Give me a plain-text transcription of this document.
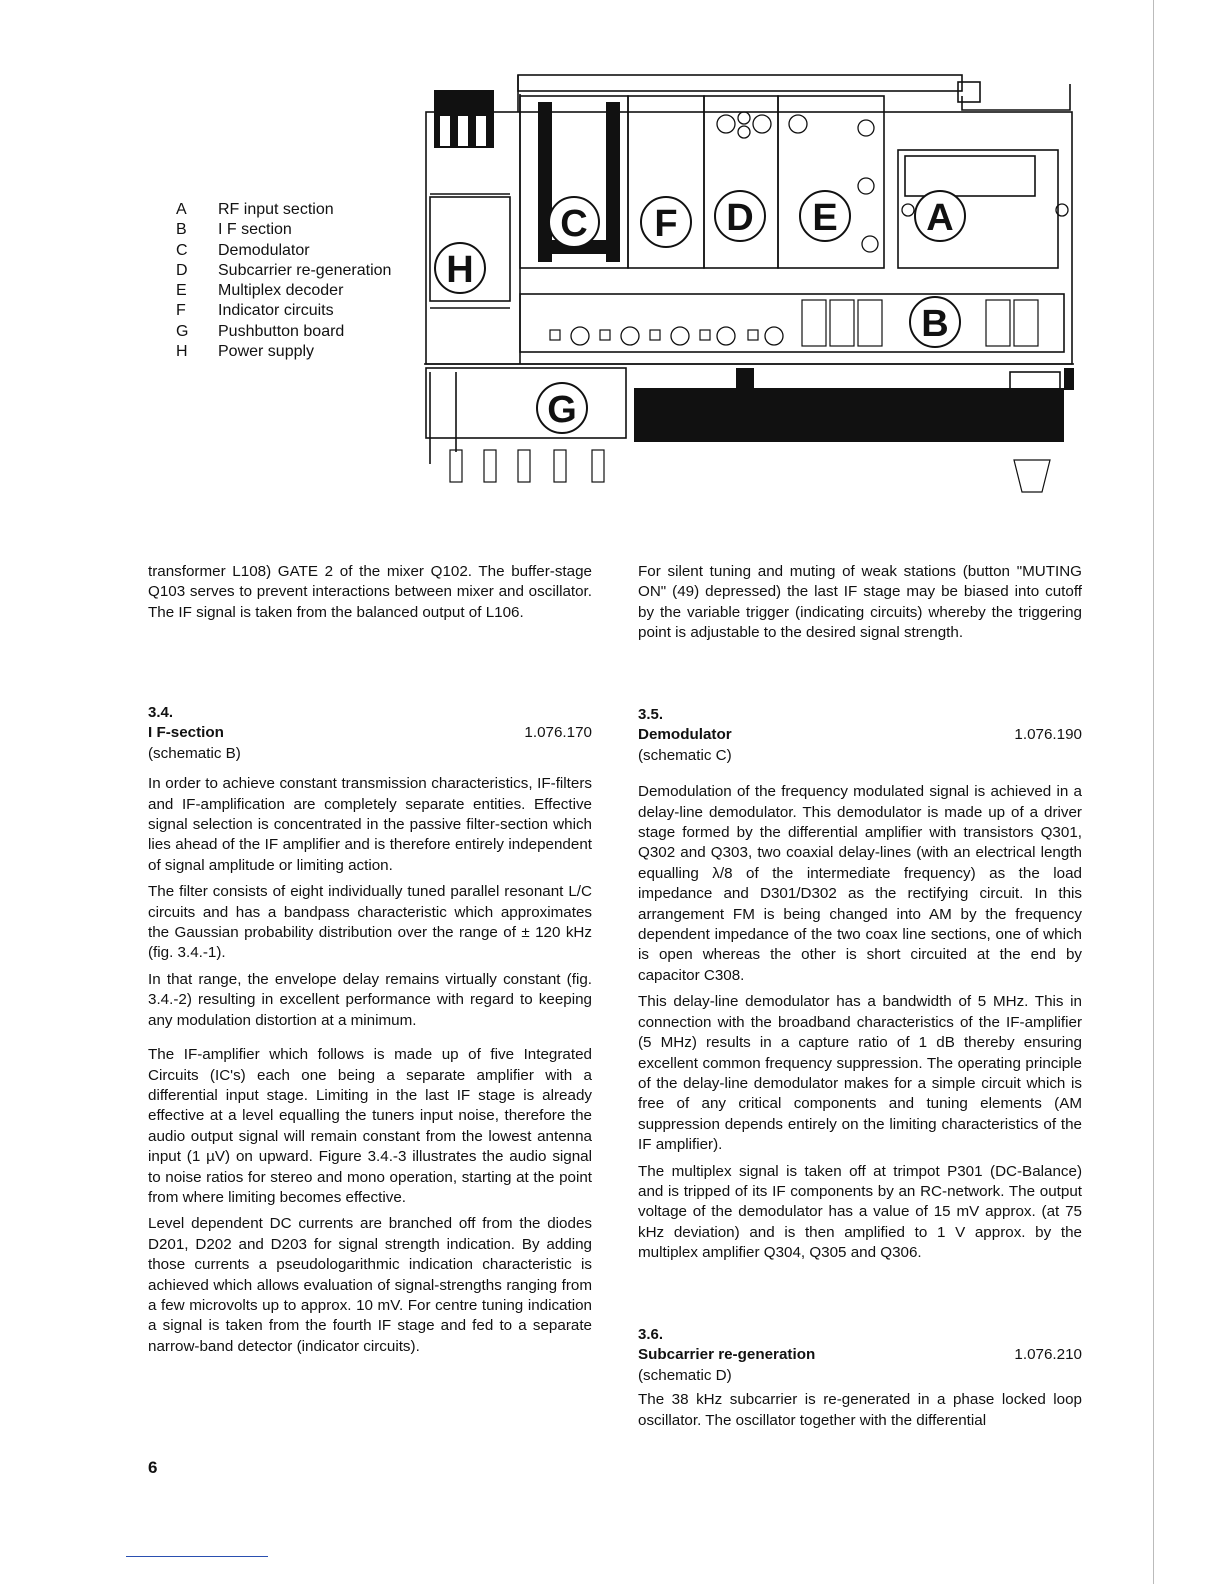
A	RF input section
B	I F section
C	Demodulator
D	Subcarrier re-generation
E	Multiplex decoder
F	Indicator circuits
G	Pushbutton board
H	Power supply
C F D E A
H
B
G

transformer L108) GATE 2 of the mixer Q102. The buffer-stage Q103 serves to prevent interactions between mixer and oscillator. The IF signal is taken from the balanced output of L106.

3.4.
I F-section	1.076.170
(schematic B)

In order to achieve constant transmission characteristics, IF-filters and IF-amplification are completely separate entities. Effective signal selection is concentrated in the passive filter-section which lies ahead of the IF amplifier and is therefore entirely independent of signal amplitude or limiting action.

The filter consists of eight individually tuned parallel resonant L/C circuits and has a bandpass characteristic which approximates the Gaussian probability distribution over the range of ± 120 kHz (fig. 3.4.-1).

In that range, the envelope delay remains virtually constant (fig. 3.4.-2) resulting in excellent performance with regard to keeping any modulation distortion at a minimum.

The IF-amplifier which follows is made up of five Integrated Circuits (IC's) each one being a separate amplifier with a differential input stage. Limiting in the last IF stage is already effective at a level equalling the tuners input noise, therefore the audio output signal will remain constant from the lowest antenna input (1 µV) on upward. Figure 3.4.-3 illustrates the audio signal to noise ratios for stereo and mono operation, starting at the point from where limiting becomes effective.

Level dependent DC currents are branched off from the diodes D201, D202 and D203 for signal strength indication. By adding those currents a pseudologarithmic indication characteristic is achieved which allows evaluation of signal-strengths ranging from a few microvolts up to approx. 10 mV. For centre tuning indication a signal is taken from the fourth IF stage and fed to a separate narrow-band detector (indicator circuits).

For silent tuning and muting of weak stations (button "MUTING ON" (49) depressed) the last IF stage may be biased into cutoff by the variable trigger (indicating circuits) whereby the triggering point is adjustable to the desired signal strength.

3.5.
Demodulator	1.076.190
(schematic C)

Demodulation of the frequency modulated signal is achieved in a delay-line demodulator. This demodulator is made up of a driver stage formed by the differential amplifier with transistors Q301, Q302 and Q303, two coaxial delay-lines (with an electrical length equalling λ/8 of the intermediate frequency) as the load impedance and D301/D302 as the rectifying circuit. In this arrangement FM is being changed into AM by the frequency dependent impedance of the two coax line sections, one of which is open whereas the other is short circuited at the end by capacitor C308.

This delay-line demodulator has a bandwidth of 5 MHz. This in connection with the broadband characteristics of the IF-amplifier (5 MHz) results in a capture ratio of 1 dB thereby ensuring excellent common frequency suppression. The operating principle of the delay-line demodulator makes for a simple circuit which is free of any critical components and tuning elements (AM suppression depends entirely on the limiting characteristics of the IF amplifier).

The multiplex signal is taken off at trimpot P301 (DC-Balance) and is tripped of its IF components by an RC-network. The output voltage of the demodulator has a value of 15 mV approx. (at 75 kHz deviation) and is then amplified to 1 V approx. by the multiplex amplifier Q304, Q305 and Q306.

3.6.
Subcarrier re-generation	1.076.210
(schematic D)

The 38 kHz subcarrier is re-generated in a phase locked loop oscillator. The oscillator together with the differential

6
